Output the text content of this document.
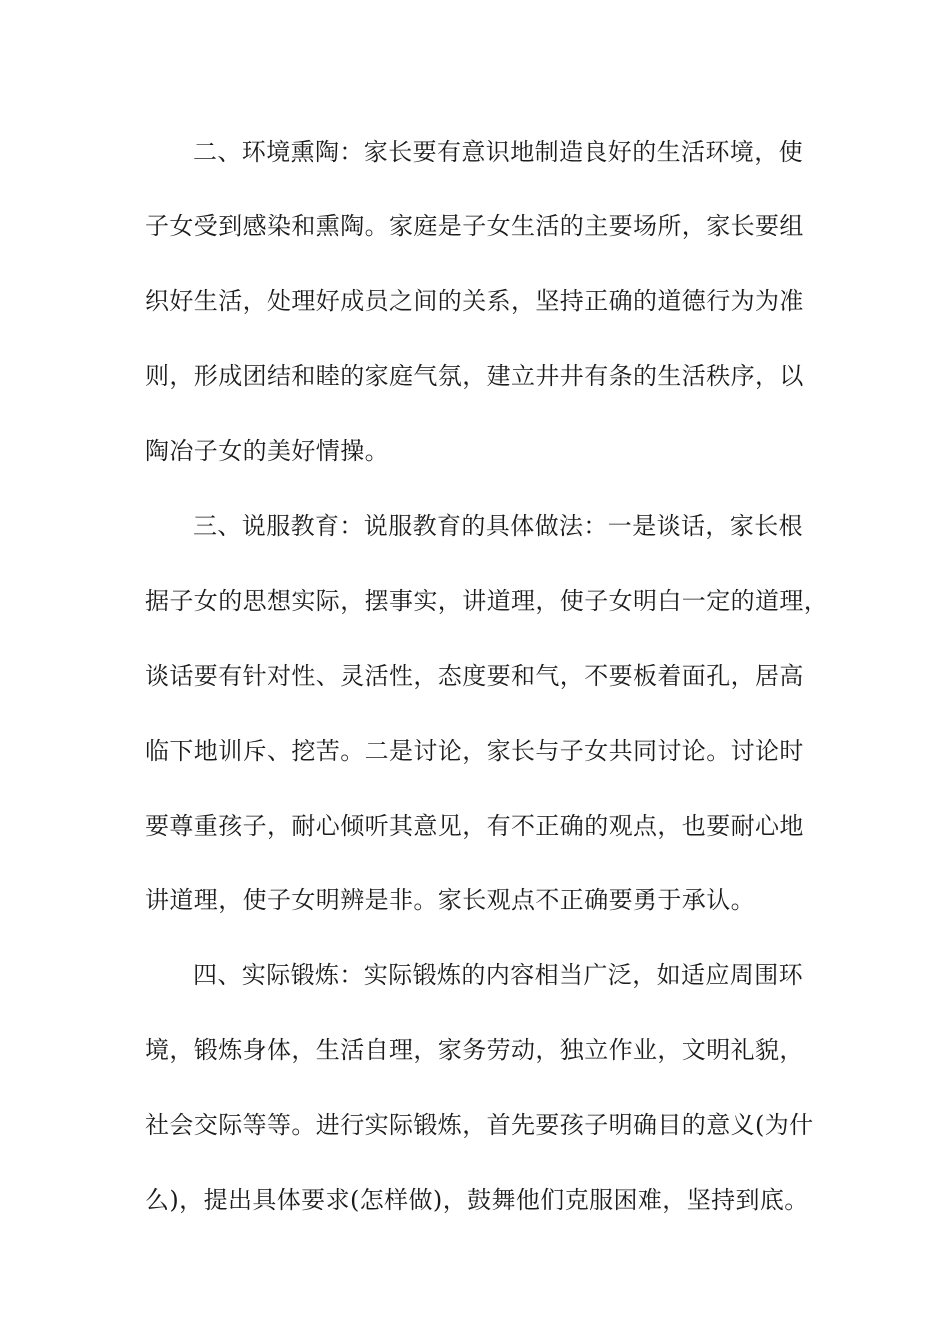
二、环境熏陶：家长要有意识地制造良好的生活环境，使
子女受到感染和熏陶。家庭是子女生活的主要场所，家长要组
织好生活，处理好成员之间的关系，坚持正确的道德行为为准
则，形成团结和睦的家庭气氛，建立井井有条的生活秩序，以
陶冶子女的美好情操。
三、说服教育：说服教育的具体做法：一是谈话，家长根
据子女的思想实际，摆事实，讲道理，使子女明白一定的道理，
谈话要有针对性、灵活性，态度要和气，不要板着面孔，居高
临下地训斥、挖苦。二是讨论，家长与子女共同讨论。讨论时
要尊重孩子，耐心倾听其意见，有不正确的观点，也要耐心地
讲道理，使子女明辨是非。家长观点不正确要勇于承认。
四、实际锻炼：实际锻炼的内容相当广泛，如适应周围环
境，锻炼身体，生活自理，家务劳动，独立作业，文明礼貌，
社会交际等等。进行实际锻炼，首先要孩子明确目的意义(为什
么)，提出具体要求(怎样做)，鼓舞他们克服困难，坚持到底。
